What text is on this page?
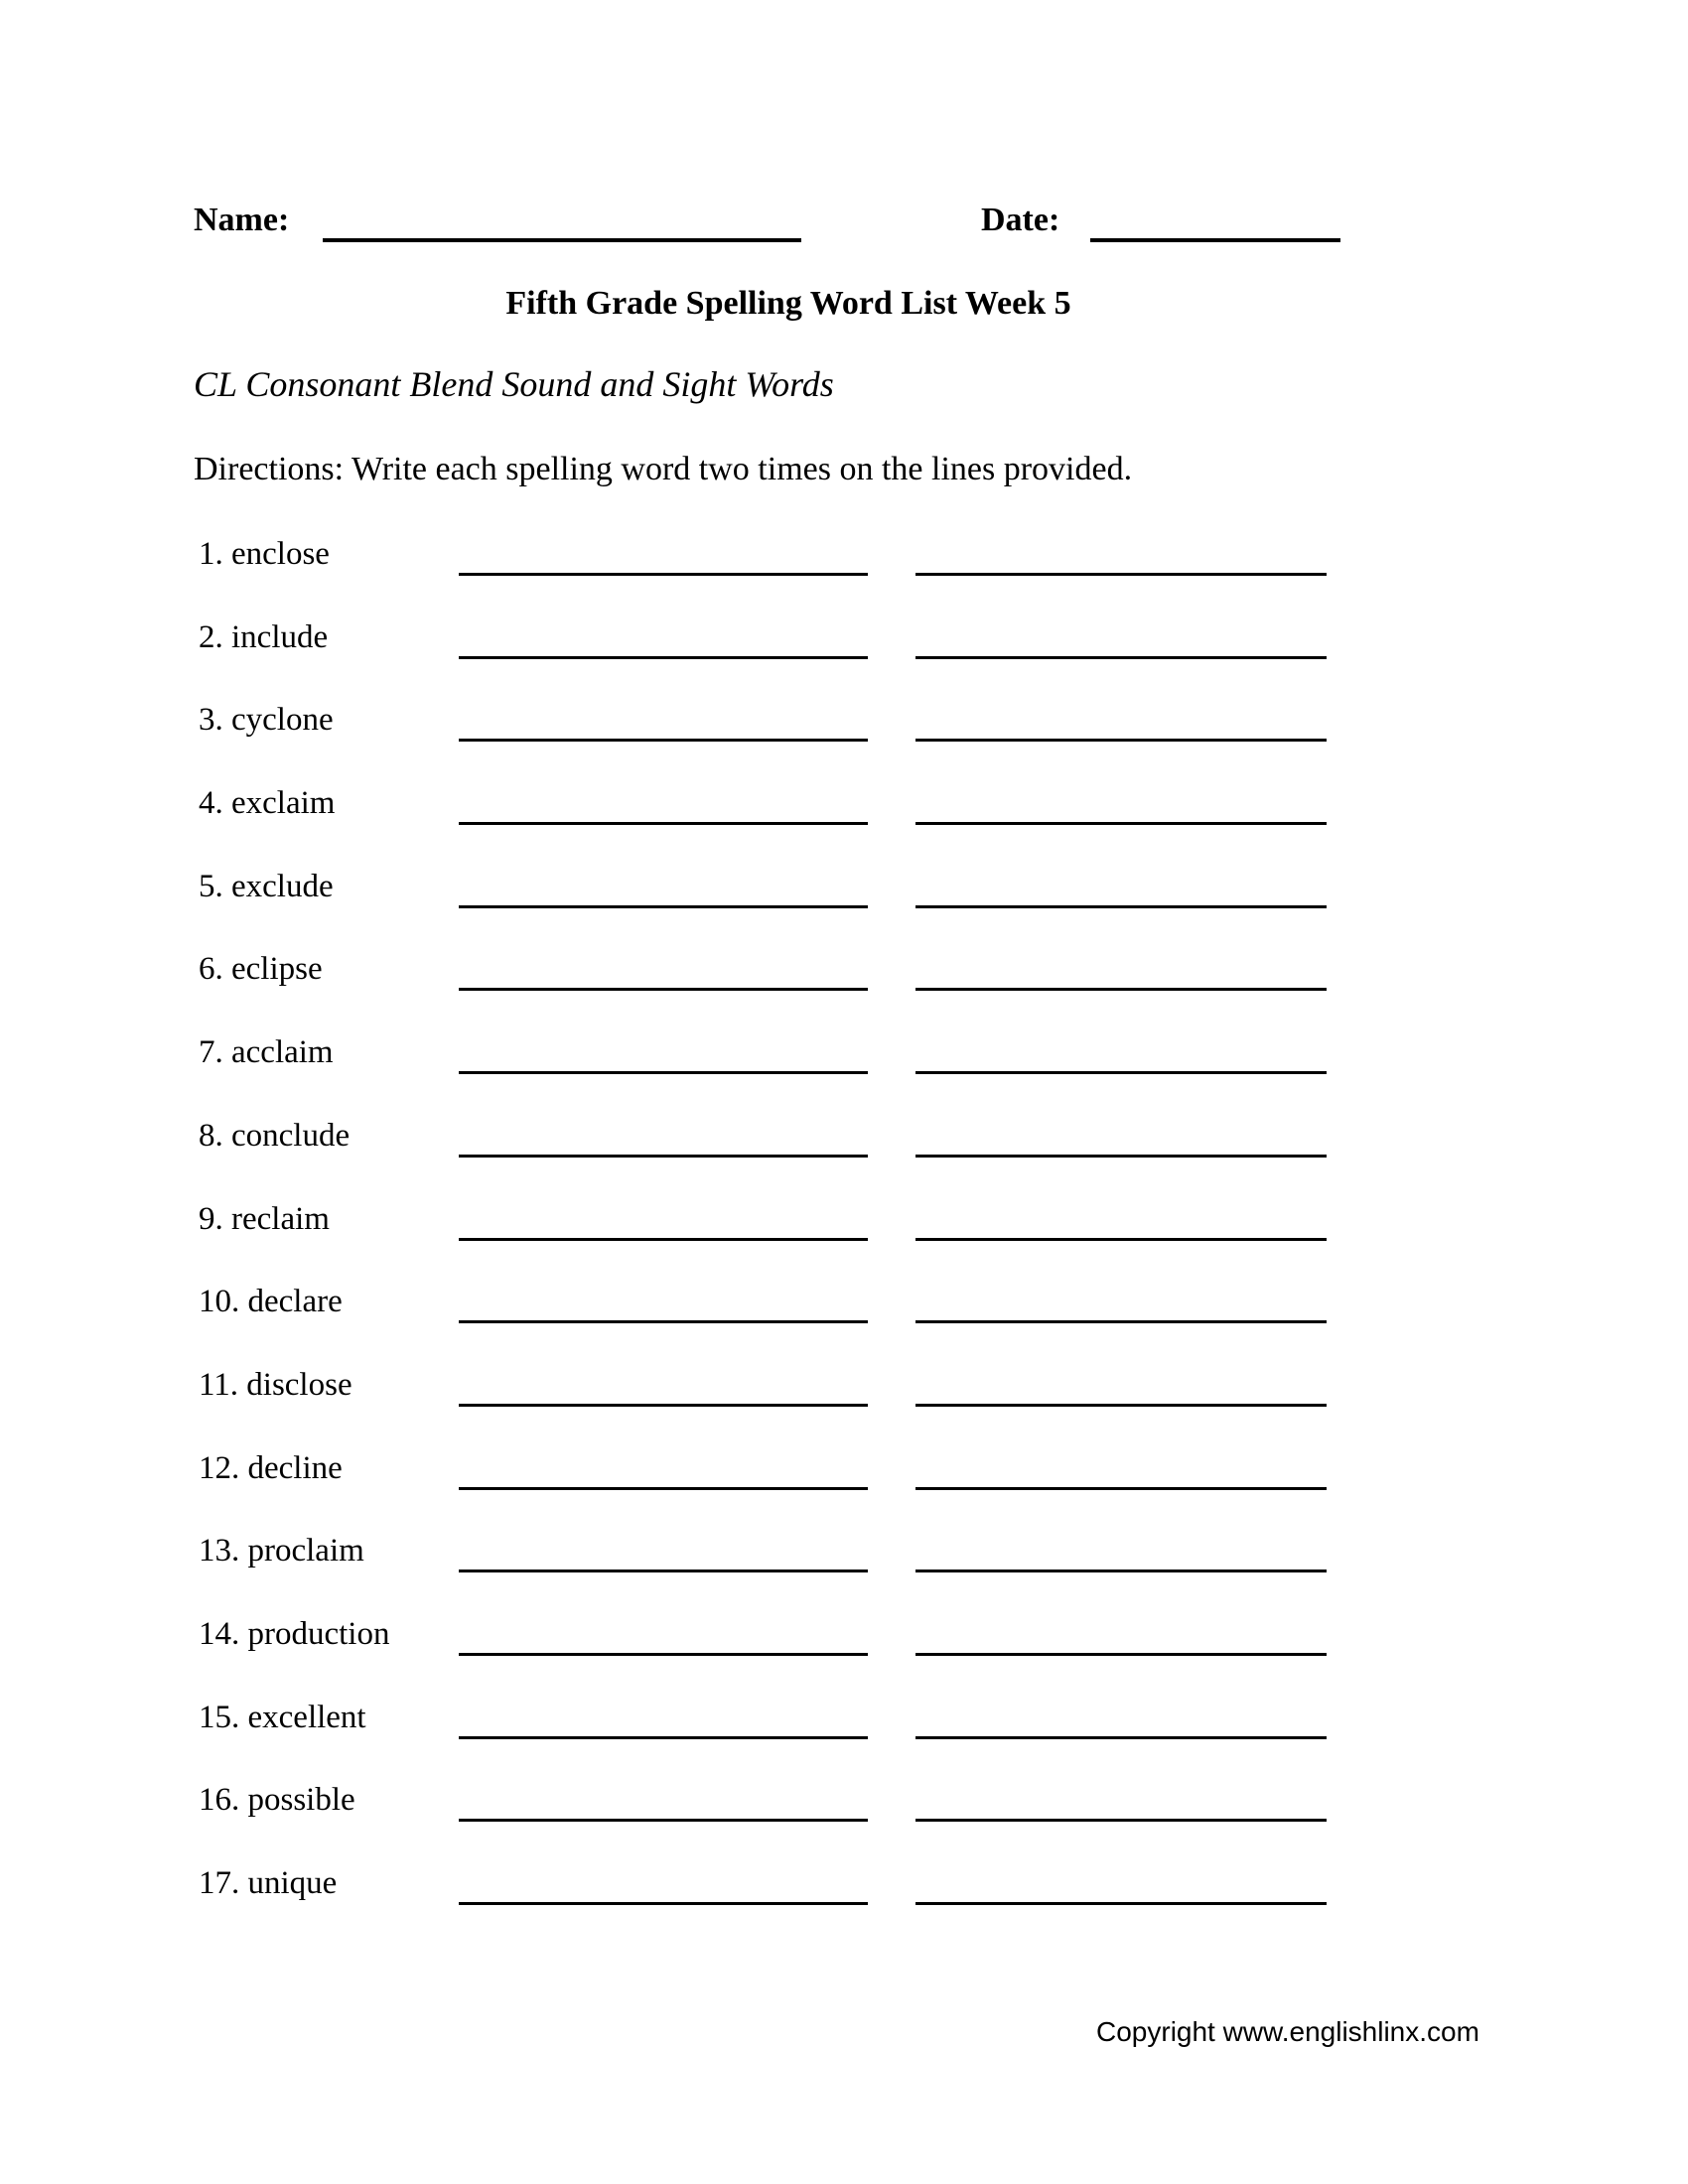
Name:	Date:
Fifth Grade Spelling Word List Week 5
CL Consonant Blend Sound and Sight Words
Directions: Write each spelling word two times on the lines provided.
1. enclose
2. include
3. cyclone
4. exclaim
5. exclude
6. eclipse
7. acclaim
8. conclude
9. reclaim
10. declare
11. disclose
12. decline
13. proclaim
14. production
15. excellent
16. possible
17. unique
Copyright www.englishlinx.com
